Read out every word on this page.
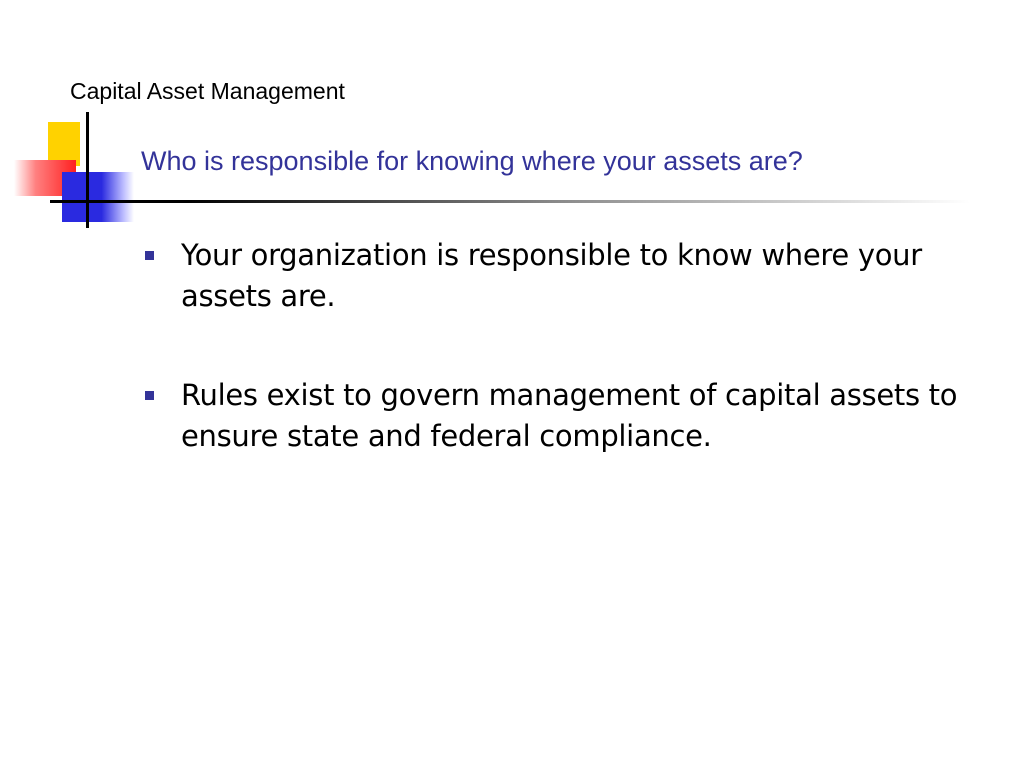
Capital Asset Management
Who is responsible for knowing where your assets are?
Your organization is responsible to know where your assets are.
Rules exist to govern management of capital assets to ensure state and federal compliance.
